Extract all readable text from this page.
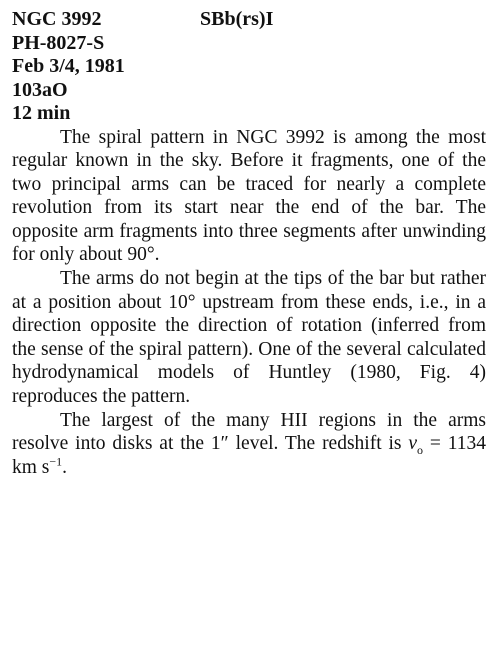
NGC 3992	SBb(rs)I
PH-8027-S
Feb 3/4, 1981
103aO
12 min

The spiral pattern in NGC 3992 is among the most regular known in the sky. Before it fragments, one of the two principal arms can be traced for nearly a complete revolution from its start near the end of the bar. The opposite arm fragments into three segments after unwinding for only about 90°.

The arms do not begin at the tips of the bar but rather at a position about 10° upstream from these ends, i.e., in a direction opposite the direction of rotation (inferred from the sense of the spiral pattern). One of the several calculated hydrodynamical models of Huntley (1980, Fig. 4) reproduces the pattern.

The largest of the many HII regions in the arms resolve into disks at the 1″ level. The redshift is $v_o = 1134$ km $s^{-1}$.
